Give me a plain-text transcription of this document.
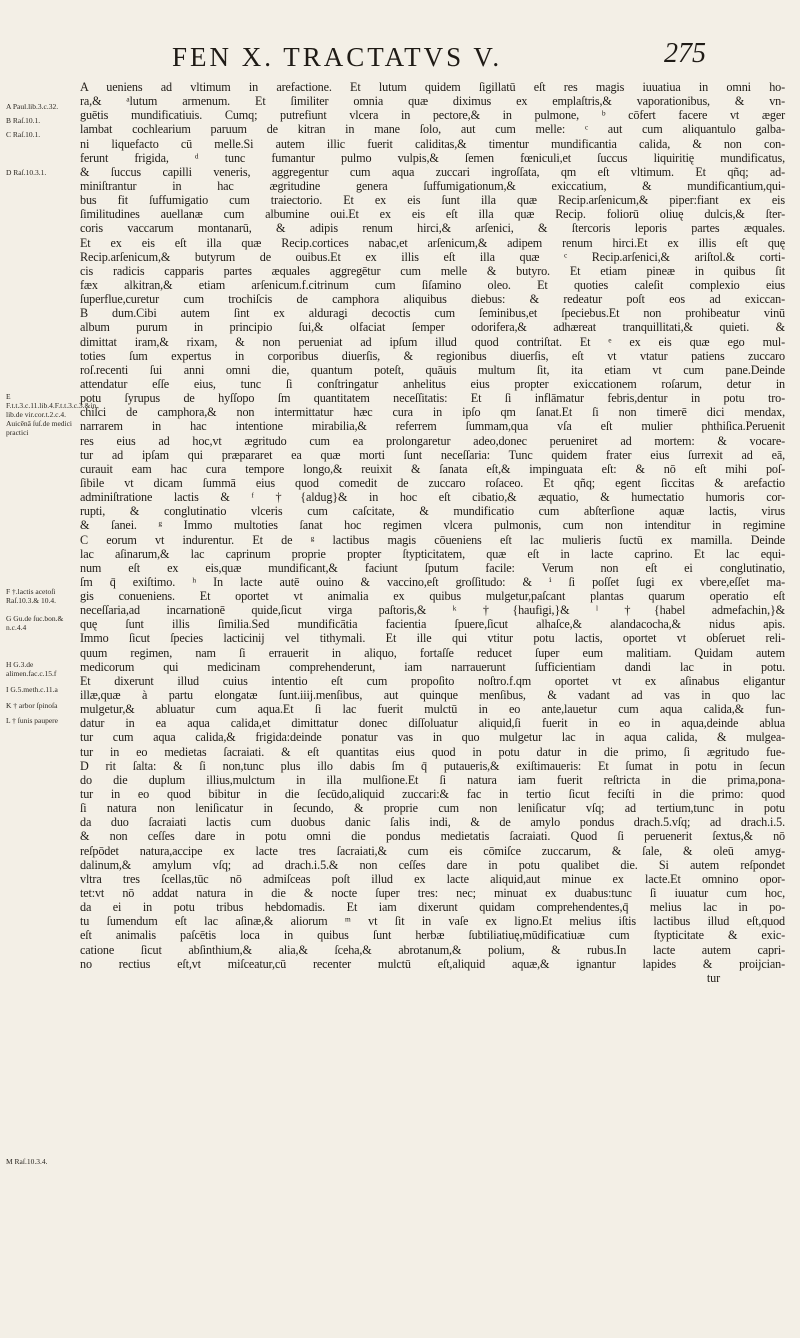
FEN X. TRACTATVS V.	275
A Paul.lib.3.c.32.
B Raſ.10.1.
C Raſ.10.1.
D Raſ.10.3.1.
E F.t.t.3.c.11.lib.4.F.t.t.3.c.3.&in lib.de vir.cor.t.2.c.4. Auicēnā ſuſ.de medici practici
F †.lactis acetoſi Raſ.10.3.& 10.4.
G Gu.de ſuc.bon.& n.c.4.4
H G.3.de alimen.fac.c.15.f
I G.5.meth.c.11.a
K † arbor ſpinoſa
L † ſunis paupere
M Raſ.10.3.4.
A ueniens ad vltimum in arefactione. Et lutum quidem ſigillatū eſt res magis iuuatiua in omni ho-
ra,& ᵃlutum armenum. Et ſimiliter omnia quæ diximus ex emplaſtris,& vaporationibus, & vn-
guētis mundificatiuis. Cumq; putrefiunt vlcera in pectore,& in pulmone, ᵇ cōfert facere vt æger
lambat cochlearium paruum de kitran in mane ſolo, aut cum melle: ᶜ aut cum aliquantulo galba-
ni liquefacto cū melle.Si autem illic fuerit caliditas,& timentur mundificantia calida, & non con-
ferunt frigida, ᵈ tunc fumantur pulmo vulpis,& ſemen fœniculi,et ſuccus liquiritię mundificatus,
& ſuccus capilli veneris, aggregentur cum aqua zuccari ingroſſata, qm eſt vltimum. Et qñq; ad-
miniſtrantur in hac ægritudine genera ſuffumigationum,& exiccatium, & mundificantium,qui-
bus fit ſuffumigatio cum traiectorio. Et ex eis ſunt illa quæ Recip.arſenicum,& piper:fiant ex eis
ſimilitudines auellanæ cum albumine oui.Et ex eis eſt illa quæ Recip. foliorū oliuę dulcis,& ſter-
coris vaccarum montanarū, & adipis renum hirci,& arſenici, & ſtercoris leporis partes æquales.
Et ex eis eſt illa quæ Recip.cortices nabac,et arſenicum,& adipem renum hirci.Et ex illis eſt quę
Recip.arſenicum,& butyrum de ouibus.Et ex illis eſt illa quæ ᶜ Recip.arſenici,& ariſtol.& corti-
cis radicis capparis partes æquales aggregētur cum melle & butyro. Et etiam pineæ in quibus ſit
fæx alkitran,& etiam arſenicum.f.citrinum cum ſiſamino oleo. Et quoties caleſit complexio eius
ſuperflue,curetur cum trochiſcis de camphora aliquibus diebus: & redeatur poſt eos ad exiccan-
B dum.Cibi autem ſint ex alduragi decoctis cum ſeminibus,et ſpeciebus.Et non prohibeatur vinū
album purum in principio ſui,& olfaciat ſemper odorifera,& adhæreat tranquillitati,& quieti. &
dimittat iram,& rixam, & non perueniat ad ipſum illud quod contriſtat. Et ᵉ ex eis quæ ego mul-
toties ſum expertus in corporibus diuerſis, & regionibus diuerſis, eſt vt vtatur patiens zuccaro
roſ.recenti ſui anni omni die, quantum poteſt, quāuis multum ſit, ita etiam vt cum pane.Deinde
attendatur eſſe eius, tunc ſi conſtringatur anhelitus eius propter exiccationem roſarum, detur in
potu ſyrupus de hyſſopo ſm quantitatem neceſſitatis: Et ſi inflāmatur febris,dentur in potu tro-
chiſci de camphora,& non intermittatur hæc cura in ipſo qm ſanat.Et ſi non timerē dici mendax,
narrarem in hac intentione mirabilia,& referrem ſummam,qua vſa eſt mulier phthiſica.Peruenit
res eius ad hoc,vt ægritudo cum ea prolongaretur adeo,donec perueniret ad mortem: & vocare-
tur ad ipſam qui præpararet ea quæ morti ſunt neceſſaria: Tunc quidem frater eius ſurrexit ad eā,
curauit eam hac cura tempore longo,& reuixit & ſanata eſt,& impinguata eſt: & nō eſt mihi poſ-
ſibile vt dicam ſummā eius quod comedit de zuccaro roſaceo. Et qñq; egent ſiccitas & arefactio
adminiſtratione lactis & ᶠ †{aldug}& in hoc eſt cibatio,& æquatio, & humectatio humoris cor-
rupti, & conglutinatio vlceris cum caſcitate, & mundificatio cum abſterſione aquæ lactis, virus
& ſanei. ᵍ Immo multoties ſanat hoc regimen vlcera pulmonis, cum non intenditur in regimine
C eorum vt indurentur. Et de ᵍ lactibus magis cōueniens eſt lac mulieris ſuctū ex mamilla. Deinde
lac aſinarum,& lac caprinum proprie propter ſtypticitatem, quæ eſt in lacte caprino. Et lac equi-
num eſt ex eis,quæ mundificant,& faciunt ſputum facile: Verum non eſt ei conglutinatio,
ſm q̄ exiſtimo. ʰ In lacte autē ouino & vaccino,eſt groſſitudo: & ⁱ ſi poſſet ſugi ex vbere,eſſet ma-
gis conueniens. Et oportet vt animalia ex quibus mulgetur,paſcant plantas quarum operatio eſt
neceſſaria,ad incarnationē quide,ſicut virga paſtoris,& ᵏ †{haufigi,}& ˡ †{habel admefachin,}&
quę ſunt illis ſimilia.Sed mundificātia facientia ſpuere,ſicut alhaſce,& alandacocha,& nidus apis.
Immo ſicut ſpecies lacticinij vel tithymali. Et ille qui vtitur potu lactis, oportet vt obſeruet reli-
quum regimen, nam ſi errauerit in aliquo, fortaſſe reducet ſuper eum malitiam. Quidam autem
medicorum qui medicinam comprehenderunt, iam narrauerunt ſufficientiam dandi lac in potu.
Et dixerunt illud cuius intentio eſt cum propoſito noſtro.f.qm oportet vt ex aſinabus eligantur
illæ,quæ à partu elongatæ ſunt.iiij.menſibus, aut quinque menſibus, & vadant ad vas in quo lac
mulgetur,& abluatur cum aqua.Et ſi lac fuerit mulctū in eo ante,lauetur cum aqua calida,& fun-
datur in ea aqua calida,et dimittatur donec diſſoluatur aliquid,ſi fuerit in eo in aqua,deinde ablua
tur cum aqua calida,& frigida:deinde ponatur vas in quo mulgetur lac in aqua calida, & mulgea-
tur in eo medietas ſacraiati. & eſt quantitas eius quod in potu datur in die primo, ſi ægritudo fue-
D rit ſalta: & ſi non,tunc plus illo dabis ſm q̄ putaueris,& exiſtimaueris: Et ſumat in potu in ſecun
do die duplum illius,mulctum in illa mulſione.Et ſi natura iam fuerit reſtricta in die prima,pona-
tur in eo quod bibitur in die ſecūdo,aliquid zuccari:& fac in tertio ſicut feciſti in die primo: quod
ſi natura non leniſicatur in ſecundo, & proprie cum non leniſicatur vſq; ad tertium,tunc in potu
da duo ſacraiati lactis cum duobus danic ſalis indi, & de amylo pondus drach.5.vſq; ad drach.i.5.
& non ceſſes dare in potu omni die pondus medietatis ſacraiati. Quod ſi peruenerit ſextus,& nō
reſpōdet natura,accipe ex lacte tres ſacraiati,& cum eis cōmiſce zuccarum, & ſale, & oleū amyg-
dalinum,& amylum vſq; ad drach.i.5.& non ceſſes dare in potu qualibet die. Si autem reſpondet
vltra tres ſcellas,tūc nō admiſceas poſt illud ex lacte aliquid,aut minue ex lacte.Et omnino opor-
tet:vt nō addat natura in die & nocte ſuper tres: nec; minuat ex duabus:tunc ſi iuuatur cum hoc,
da ei in potu tribus hebdomadis. Et iam dixerunt quidam comprehendentes,q̄ melius lac in po-
tu ſumendum eſt lac aſinæ,& aliorum ᵐ vt ſit in vaſe ex ligno.Et melius iſtis lactibus illud eſt,quod
eſt animalis paſcētis loca in quibus ſunt herbæ ſubtiliatiuę,mūdificatiuæ cum ſtypticitate & exic-
catione ſicut abſinthium,& alia,& ſceha,& abrotanum,& polium, & rubus.In lacte autem capri-
no rectius eſt,vt miſceatur,cū recenter mulctū eſt,aliquid aquæ,& ignantur lapides & proijcian-
tur
